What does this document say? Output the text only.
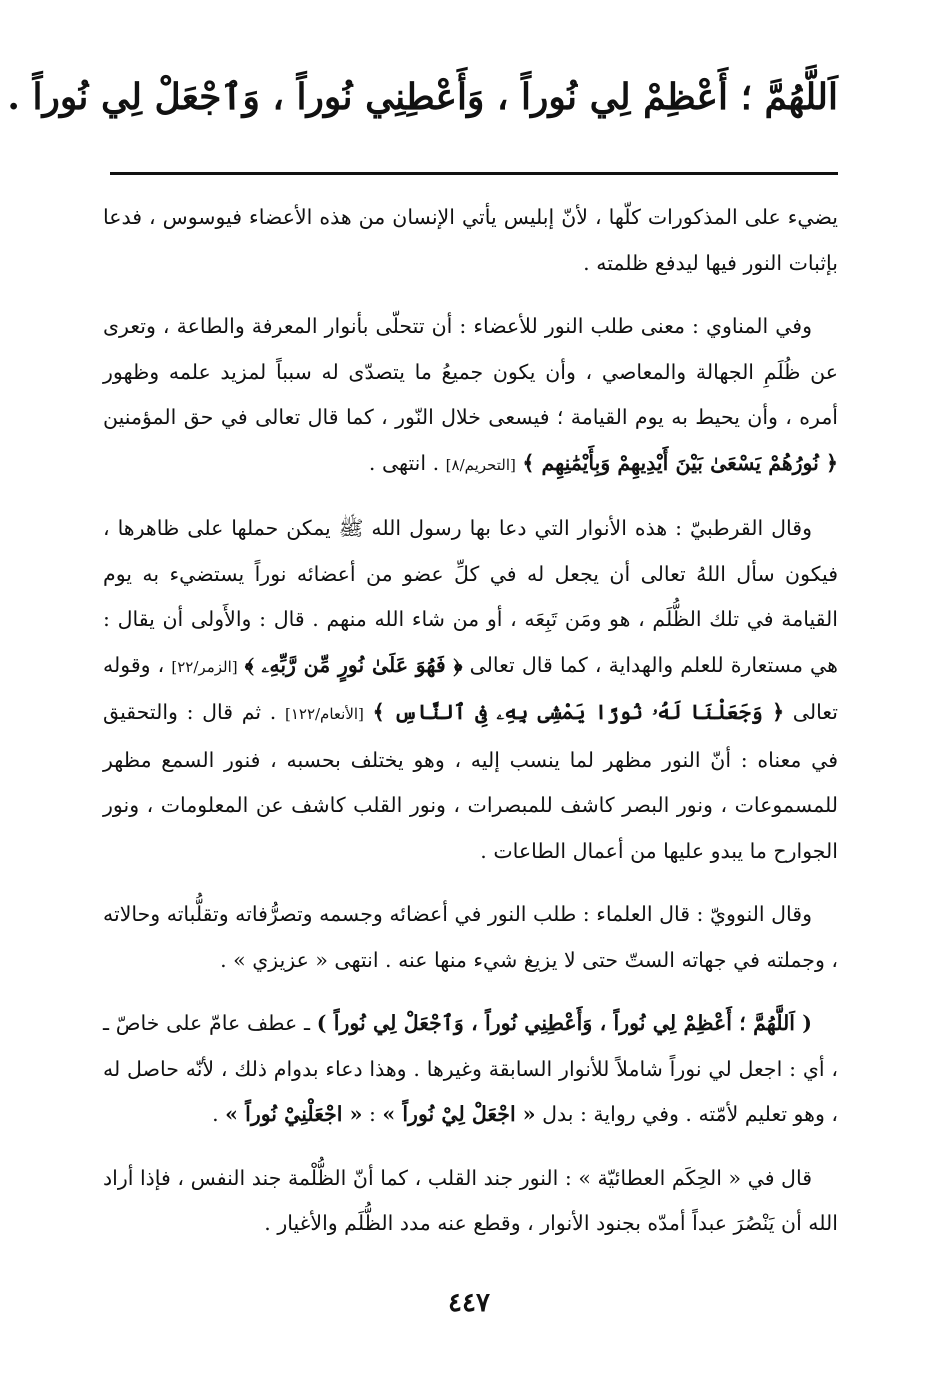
اَللَّهُمَّ ؛ أَعْظِمْ لِي نُوراً ، وَأَعْطِنِي نُوراً ، وَٱجْعَلْ لِي نُوراً .

يضيء على المذكورات كلّها ، لأنّ إبليس يأتي الإنسان من هذه الأعضاء فيوسوس ، فدعا بإثبات النور فيها ليدفع ظلمته .

وفي المناوي : معنى طلب النور للأعضاء : أن تتحلّى بأنوار المعرفة والطاعة ، وتعرى عن ظُلَمِ الجهالة والمعاصي ، وأن يكون جميعُ ما يتصدّى له سبباً لمزيد علمه وظهور أمره ، وأن يحيط به يوم القيامة ؛ فيسعى خلال النّور ، كما قال تعالى في حق المؤمنين ﴿ نُورُهُمْ يَسْعَىٰ بَيْنَ أَيْدِيهِمْ وَبِأَيْمَٰنِهِم ﴾ [التحريم/٨] . انتهى .

وقال القرطبيّ : هذه الأنوار التي دعا بها رسول الله ﷺ يمكن حملها على ظاهرها ، فيكون سأل اللهُ تعالى أن يجعل له في كلِّ عضو من أعضائه نوراً يستضيء به يوم القيامة في تلك الظُّلَم ، هو ومَن تَبِعَه ، أو من شاء الله منهم . قال : والأَولى أن يقال : هي مستعارة للعلم والهداية ، كما قال تعالى ﴿ فَهُوَ عَلَىٰ نُورٍ مِّن رَّبِّهِۦ ﴾ [الزمر/٢٢] ، وقوله تعالى ﴿ وَجَعَلْنَا لَهُۥ نُورًا يَمْشِى بِهِۦ فِى ٱلنَّاسِ ﴾ [الأنعام/١٢٢] . ثم قال : والتحقيق في معناه : أنّ النور مظهر لما ينسب إليه ، وهو يختلف بحسبه ، فنور السمع مظهر للمسموعات ، ونور البصر كاشف للمبصرات ، ونور القلب كاشف عن المعلومات ، ونور الجوارح ما يبدو عليها من أعمال الطاعات .

وقال النوويّ : قال العلماء : طلب النور في أعضائه وجسمه وتصرُّفاته وتقلُّباته وحالاته ، وجملته في جهاته الستّ حتى لا يزيغ شيء منها عنه . انتهى « عزيزي » .

( اَللَّهُمَّ ؛ أَعْظِمْ لِي نُوراً ، وَأَعْطِنِي نُوراً ، وَٱجْعَلْ لِي نُوراً ) ـ عطف عامّ على خاصّ ـ ، أي : اجعل لي نوراً شاملاً للأنوار السابقة وغيرها . وهذا دعاء بدوام ذلك ، لأنّه حاصل له ، وهو تعليم لأمّته . وفي رواية : بدل « اجْعَلْ لِيْ نُوراً » : « اجْعَلْنِيْ نُوراً » .

قال في « الحِكَم العطائيّة » : النور جند القلب ، كما أنّ الظُّلْمة جند النفس ، فإذا أراد الله أن يَنْصُرَ عبداً أمدّه بجنود الأنوار ، وقطع عنه مدد الظُّلَم والأغيار .

٤٤٧
